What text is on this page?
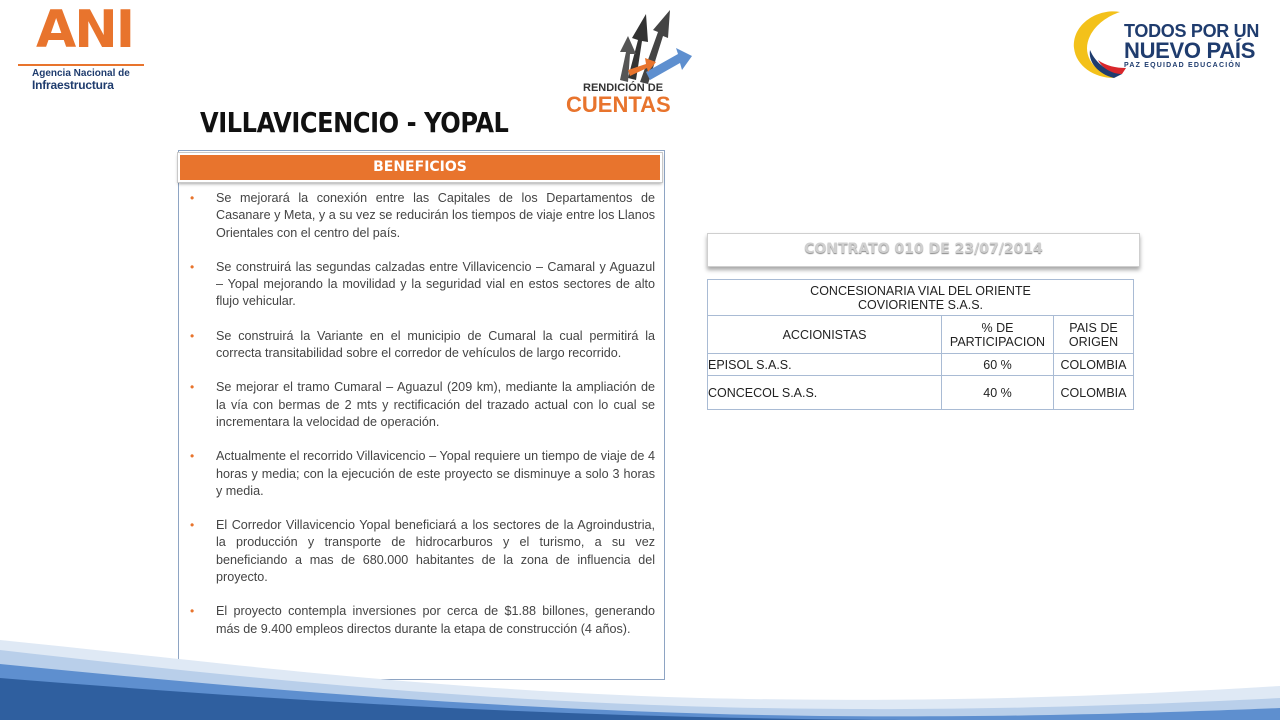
ANI
Agencia Nacional de
Infraestructura	RENDICIÓN DE
CUENTAS
TODOS POR UN
NUEVO PAÍS
PAZ EQUIDAD EDUCACIÓN
VILLAVICENCIO - YOPAL
BENEFICIOS
• Se mejorará la conexión entre las Capitales de los Departamentos de Casanare y Meta, y a su vez se reducirán los tiempos de viaje entre los Llanos Orientales con el centro del país.
• Se construirá las segundas calzadas entre Villavicencio – Camaral y Aguazul – Yopal mejorando la movilidad y la seguridad vial en estos sectores de alto flujo vehicular.
• Se construirá la Variante en el municipio de Cumaral la cual permitirá la correcta transitabilidad sobre el corredor de vehículos de largo recorrido.
• Se mejorar el tramo Cumaral – Aguazul (209 km), mediante la ampliación de la vía con bermas de 2 mts y rectificación del trazado actual con lo cual se incrementara la velocidad de operación.
• Actualmente el recorrido Villavicencio – Yopal requiere un tiempo de viaje de 4 horas y media; con la ejecución de este proyecto se disminuye a solo 3 horas y media.
• El Corredor Villavicencio Yopal beneficiará a los sectores de la Agroindustria, la producción y transporte de hidrocarburos y el turismo, a su vez beneficiando a mas de 680.000 habitantes de la zona de influencia del proyecto.
• El proyecto contempla inversiones por cerca de $1.88 billones, generando más de 9.400 empleos directos durante la etapa de construcción (4 años).
CONTRATO 010 DE 23/07/2014
CONCESIONARIA VIAL DEL ORIENTE COVIORIENTE S.A.S.		
ACCIONISTAS	% DE PARTICIPACION	PAIS DE ORIGEN
EPISOL S.A.S.	60 %	COLOMBIA
CONCECOL S.A.S.	40 %	COLOMBIA
